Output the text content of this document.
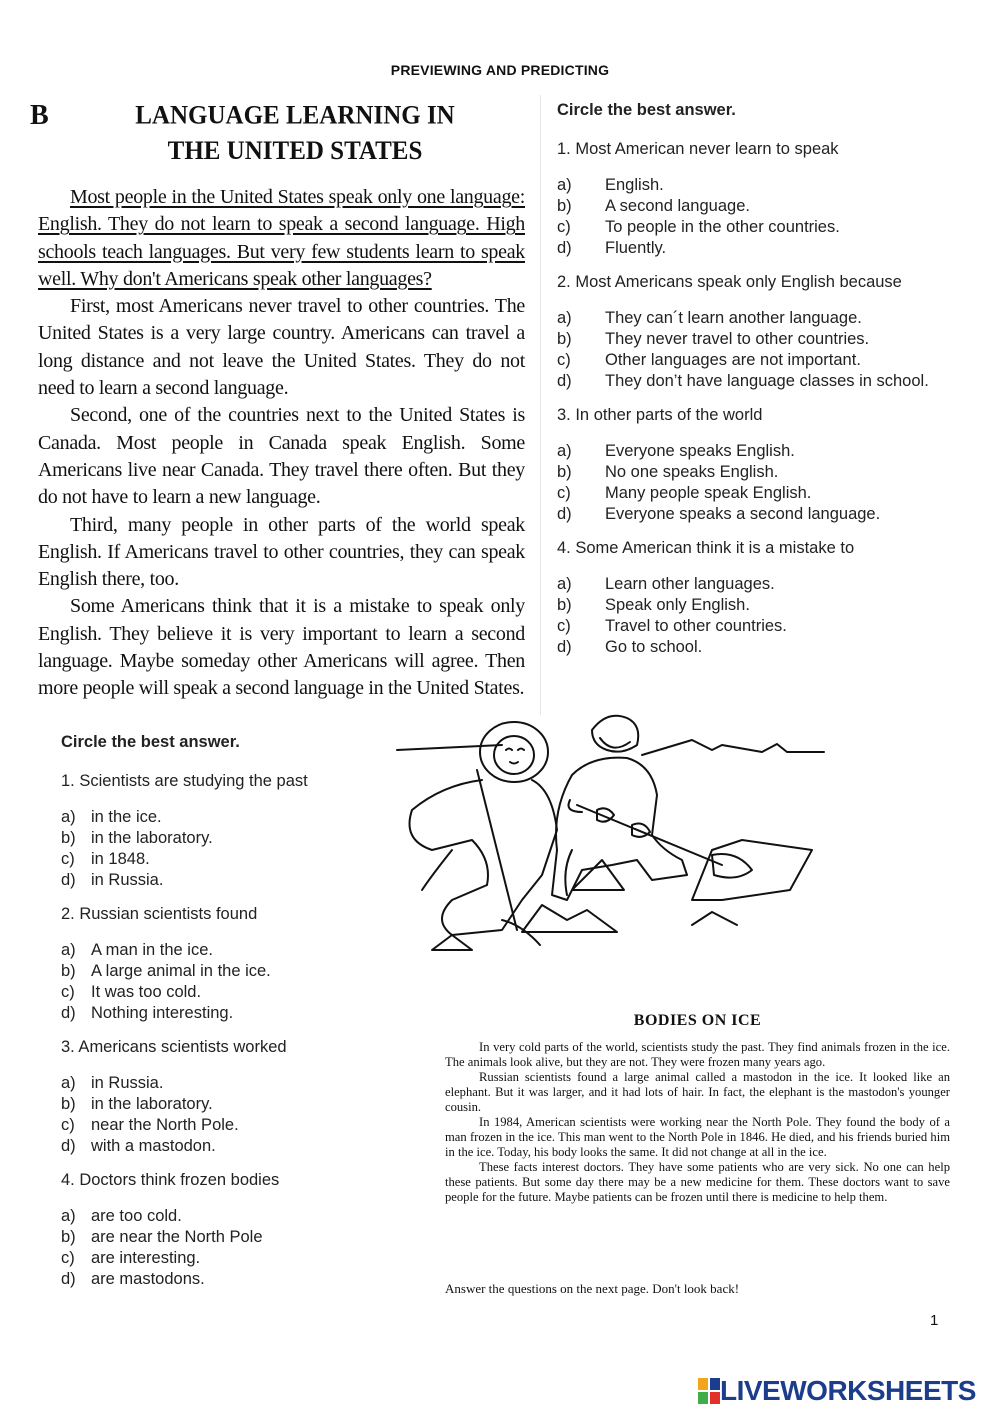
PREVIEWING AND PREDICTING
B	LANGUAGE LEARNING IN
THE UNITED STATES

Most people in the United States speak only one language: English. They do not learn to speak a second language. High schools teach languages. But very few students learn to speak well. Why don't Americans speak other languages?

First, most Americans never travel to other countries. The United States is a very large country. Americans can travel a long distance and not leave the United States. They do not need to learn a second language.

Second, one of the countries next to the United States is Canada. Most people in Canada speak English. Some Americans live near Canada. They travel there often. But they do not have to learn a new language.

Third, many people in other parts of the world speak English. If Americans travel to other countries, they can speak English there, too.

Some Americans think that it is a mistake to speak only English. They believe it is very important to learn a second language. Maybe someday other Americans will agree. Then more people will speak a second language in the United States.

Circle the best answer.
1. Most American never learn to speak
a)	English.
b)	A second language.
c)	To people in the other countries.
d)	Fluently.
2. Most Americans speak only English because
a)	They can´t learn another language.
b)	They never travel to other countries.
c)	Other languages are not important.
d)	They don’t have language classes in school.
3. In other parts of the world
a)	Everyone speaks English.
b)	No one speaks English.
c)	Many people speak English.
d)	Everyone speaks a second language.
4. Some American think it is a mistake to
a)	Learn other languages.
b)	Speak only English.
c)	Travel to other countries.
d)	Go to school.
Circle the best answer.
1. Scientists are studying the past
a) in the ice.
b) in the laboratory.
c) in 1848.
d) in Russia.
2. Russian scientists found
a) A man in the ice.
b) A large animal in the ice.
c) It was too cold.
d) Nothing interesting.
3. Americans scientists worked
a) in Russia.
b) in the laboratory.
c) near the North Pole.
d) with a mastodon.
4. Doctors think frozen bodies
a) are too cold.
b) are near the North Pole
c) are interesting.
d) are mastodons.
BODIES ON ICE

In very cold parts of the world, scientists study the past. They find animals frozen in the ice. The animals look alive, but they are not. They were frozen many years ago.

Russian scientists found a large animal called a mastodon in the ice. It looked like an elephant. But it was larger, and it had lots of hair. In fact, the elephant is the mastodon's younger cousin.

In 1984, American scientists were working near the North Pole. They found the body of a man frozen in the ice. This man went to the North Pole in 1846. He died, and his friends buried him in the ice. Today, his body looks the same. It did not change at all in the ice.

These facts interest doctors. They have some patients who are very sick. No one can help these patients. But some day there may be a new medicine for them. These doctors want to save people for the future. Maybe patients can be frozen until there is medicine to help them.

Answer the questions on the next page. Don't look back!
1
LIVEWORKSHEETS
